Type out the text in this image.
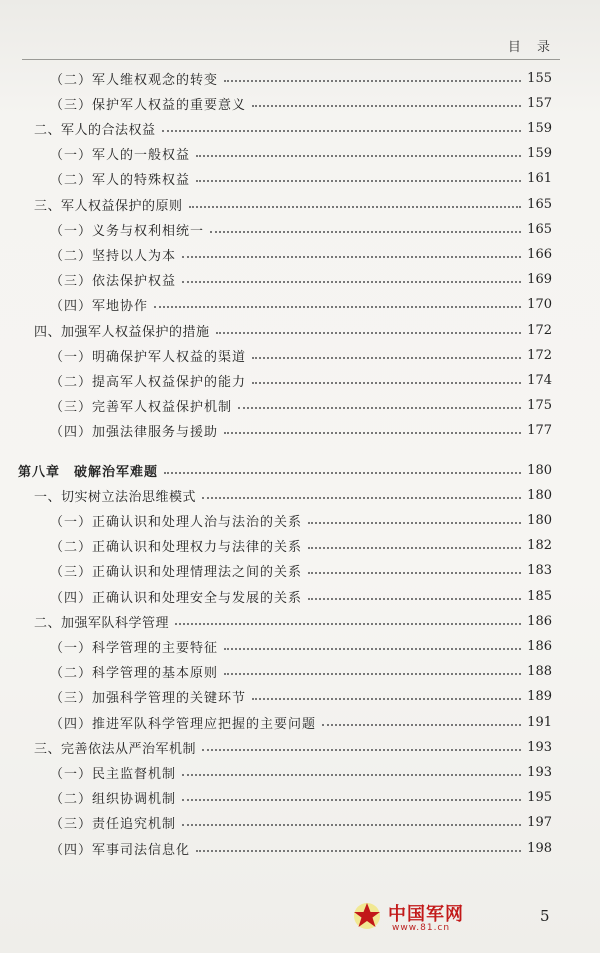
目 录
（二）军人维权观念的转变	155
（三）保护军人权益的重要意义	157
二、军人的合法权益	159
（一）军人的一般权益	159
（二）军人的特殊权益	161
三、军人权益保护的原则	165
（一）义务与权利相统一	165
（二）坚持以人为本	166
（三）依法保护权益	169
（四）军地协作	170
四、加强军人权益保护的措施	172
（一）明确保护军人权益的渠道	172
（二）提高军人权益保护的能力	174
（三）完善军人权益保护机制	175
（四）加强法律服务与援助	177
第八章　破解治军难题	180
一、切实树立法治思维模式	180
（一）正确认识和处理人治与法治的关系	180
（二）正确认识和处理权力与法律的关系	182
（三）正确认识和处理情理法之间的关系	183
（四）正确认识和处理安全与发展的关系	185
二、加强军队科学管理	186
（一）科学管理的主要特征	186
（二）科学管理的基本原则	188
（三）加强科学管理的关键环节	189
（四）推进军队科学管理应把握的主要问题	191
三、完善依法从严治军机制	193
（一）民主监督机制	193
（二）组织协调机制	195
（三）责任追究机制	197
（四）军事司法信息化	198
中国军网
www.81.cn
5
